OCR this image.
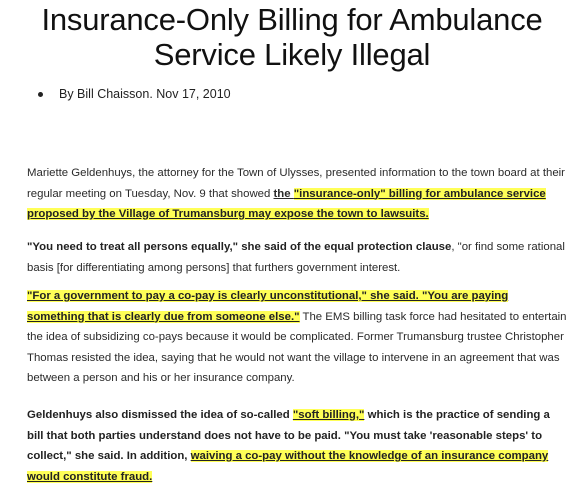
Insurance-Only Billing for Ambulance Service Likely Illegal
By Bill Chaisson. Nov 17, 2010

Mariette Geldenhuys, the attorney for the Town of Ulysses, presented information to the town board at their regular meeting on Tuesday, Nov. 9 that showed the "insurance-only" billing for ambulance service proposed by the Village of Trumansburg may expose the town to lawsuits.

"You need to treat all persons equally," she said of the equal protection clause, "or find some rational basis [for differentiating among persons] that furthers government interest.

"For a government to pay a co-pay is clearly unconstitutional," she said. "You are paying something that is clearly due from someone else." The EMS billing task force had hesitated to entertain the idea of subsidizing co-pays because it would be complicated. Former Trumansburg trustee Christopher Thomas resisted the idea, saying that he would not want the village to intervene in an agreement that was between a person and his or her insurance company.

Geldenhuys also dismissed the idea of so-called "soft billing," which is the practice of sending a bill that both parties understand does not have to be paid. "You must take 'reasonable steps' to collect," she said. In addition, waiving a co-pay without the knowledge of an insurance company would constitute fraud.
